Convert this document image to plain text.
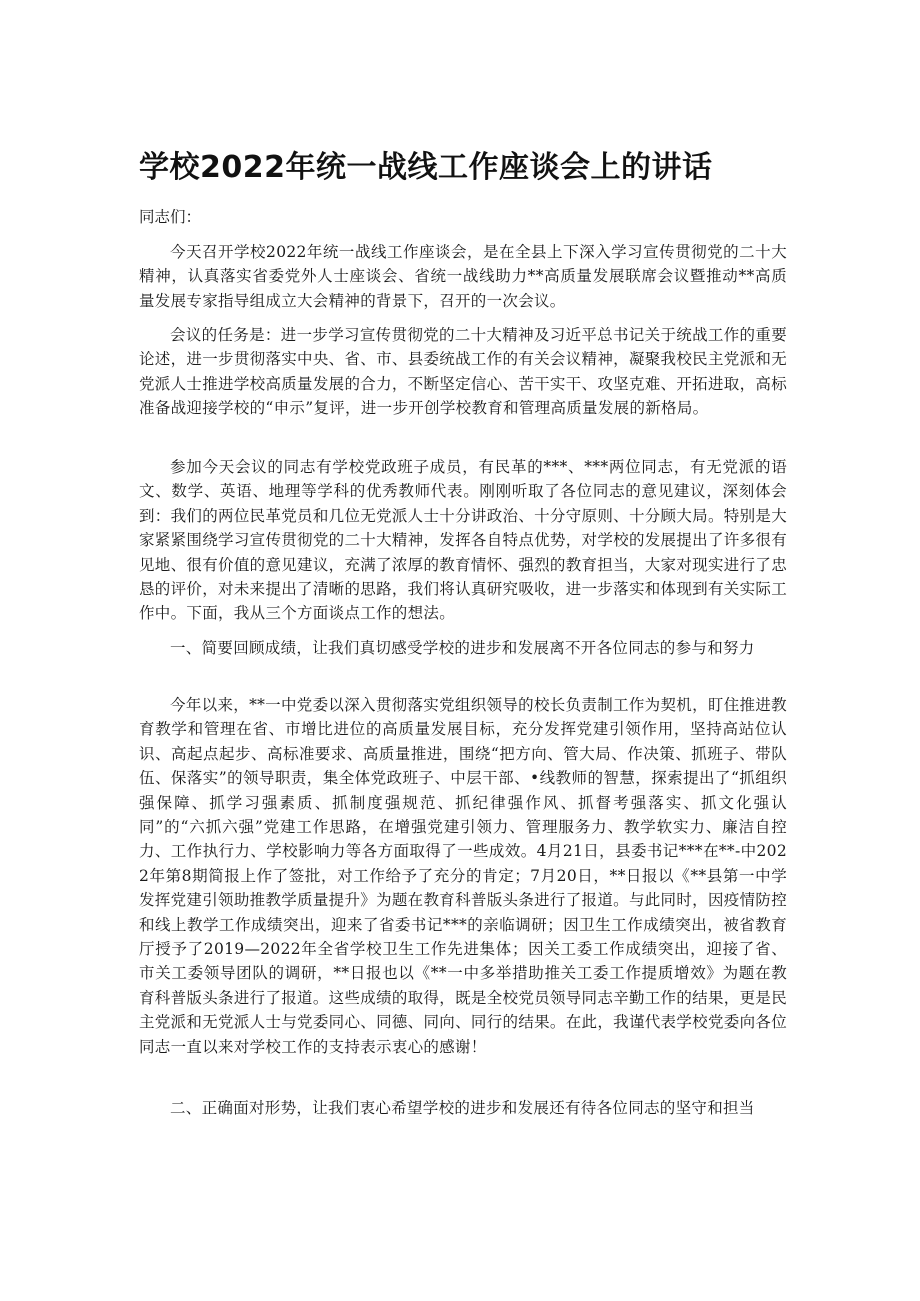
学校2022年统一战线工作座谈会上的讲话

同志们：

今天召开学校2022年统一战线工作座谈会，是在全县上下深入学习宣传贯彻党的二十大精神，认真落实省委党外人士座谈会、省统一战线助力**高质量发展联席会议暨推动**高质量发展专家指导组成立大会精神的背景下，召开的一次会议。

会议的任务是：进一步学习宣传贯彻党的二十大精神及习近平总书记关于统战工作的重要论述，进一步贯彻落实中央、省、市、县委统战工作的有关会议精神，凝聚我校民主党派和无党派人士推进学校高质量发展的合力，不断坚定信心、苦干实干、攻坚克难、开拓进取，高标准备战迎接学校的“申示”复评，进一步开创学校教育和管理高质量发展的新格局。

参加今天会议的同志有学校党政班子成员，有民革的***、***两位同志，有无党派的语文、数学、英语、地理等学科的优秀教师代表。刚刚听取了各位同志的意见建议，深刻体会到：我们的两位民革党员和几位无党派人士十分讲政治、十分守原则、十分顾大局。特别是大家紧紧围绕学习宣传贯彻党的二十大精神，发挥各自特点优势，对学校的发展提出了许多很有见地、很有价值的意见建议，充满了浓厚的教育情怀、强烈的教育担当，大家对现实进行了忠恳的评价，对未来提出了清晰的思路，我们将认真研究吸收，进一步落实和体现到有关实际工作中。下面，我从三个方面谈点工作的想法。

一、简要回顾成绩，让我们真切感受学校的进步和发展离不开各位同志的参与和努力

今年以来，**一中党委以深入贯彻落实党组织领导的校长负责制工作为契机，盯住推进教育教学和管理在省、市增比进位的高质量发展目标，充分发挥党建引领作用，坚持高站位认识、高起点起步、高标准要求、高质量推进，围绕“把方向、管大局、作决策、抓班子、带队伍、保落实”的领导职责，集全体党政班子、中层干部、•线教师的智慧，探索提出了“抓组织强保障、抓学习强素质、抓制度强规范、抓纪律强作风、抓督考强落实、抓文化强认同”的“六抓六强”党建工作思路，在增强党建引领力、管理服务力、教学软实力、廉洁自控力、工作执行力、学校影响力等各方面取得了一些成效。4月21日，县委书记***在**-中2022年第8期简报上作了签批，对工作给予了充分的肯定；7月20日，**日报以《**县第一中学发挥党建引领助推教学质量提升》为题在教育科普版头条进行了报道。与此同时，因疫情防控和线上教学工作成绩突出，迎来了省委书记***的亲临调研；因卫生工作成绩突出，被省教育厅授予了2019—2022年全省学校卫生工作先进集体；因关工委工作成绩突出，迎接了省、市关工委领导团队的调研，**日报也以《**一中多举措助推关工委工作提质增效》为题在教育科普版头条进行了报道。这些成绩的取得，既是全校党员领导同志辛勤工作的结果，更是民主党派和无党派人士与党委同心、同德、同向、同行的结果。在此，我谨代表学校党委向各位同志一直以来对学校工作的支持表示衷心的感谢！

二、正确面对形势，让我们衷心希望学校的进步和发展还有待各位同志的坚守和担当
